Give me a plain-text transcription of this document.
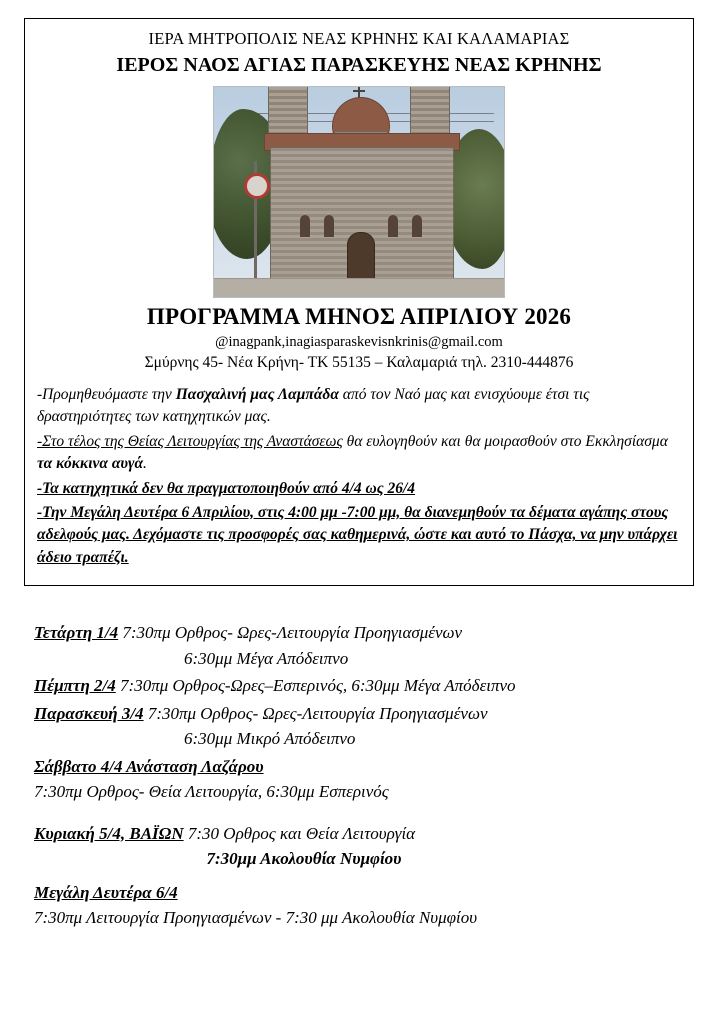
ΙΕΡΑ ΜΗΤΡΟΠΟΛΙΣ ΝΕΑΣ ΚΡΗΝΗΣ ΚΑΙ ΚΑΛΑΜΑΡΙΑΣ
ΙΕΡΟΣ ΝΑΟΣ ΑΓΙΑΣ ΠΑΡΑΣΚΕΥΗΣ ΝΕΑΣ ΚΡΗΝΗΣ
ΠΡΟΓΡΑΜΜΑ ΜΗΝΟΣ ΑΠΡΙΛΙΟΥ 2026
@inagpank,inagiasparaskevisnkrinis@gmail.com
Σμύρνης 45- Νέα Κρήνη- ΤΚ 55135 – Καλαμαριά τηλ. 2310-444876

-Προμηθευόμαστε την Πασχαλινή μας Λαμπάδα από τον Ναό μας και ενισχύουμε έτσι τις δραστηριότητες των κατηχητικών μας.

-Στο τέλος της Θείας Λειτουργίας της Αναστάσεως θα ευλογηθούν και θα μοιρασθούν στο Εκκλησίασμα τα κόκκινα αυγά.

-Τα κατηχητικά δεν θα πραγματοποιηθούν από 4/4 ως 26/4

-Την Μεγάλη Δευτέρα 6 Απριλίου, στις 4:00 μμ -7:00 μμ, θα διανεμηθούν τα δέματα αγάπης στους αδελφούς μας. Δεχόμαστε τις προσφορές σας καθημερινά, ώστε και αυτό το Πάσχα, να μην υπάρχει άδειο τραπέζι.

Τετάρτη 1/4 7:30πμ Ορθρος- Ωρες-Λειτουργία Προηγιασμένων
6:30μμ Μέγα Απόδειπνο
Πέμπτη 2/4 7:30πμ Ορθρος-Ωρες–Εσπερινός, 6:30μμ Μέγα Απόδειπνο
Παρασκευή 3/4 7:30πμ Ορθρος- Ωρες-Λειτουργία Προηγιασμένων
6:30μμ Μικρό Απόδειπνο
Σάββατο 4/4 Ανάσταση Λαζάρου
7:30πμ Ορθρος- Θεία Λειτουργία, 6:30μμ Εσπερινός
Κυριακή 5/4, ΒΑΪΩΝ 7:30 Ορθρος και Θεία Λειτουργία
7:30μμ Ακολουθία Νυμφίου
Μεγάλη Δευτέρα 6/4
7:30πμ Λειτουργία Προηγιασμένων - 7:30 μμ Ακολουθία Νυμφίου
